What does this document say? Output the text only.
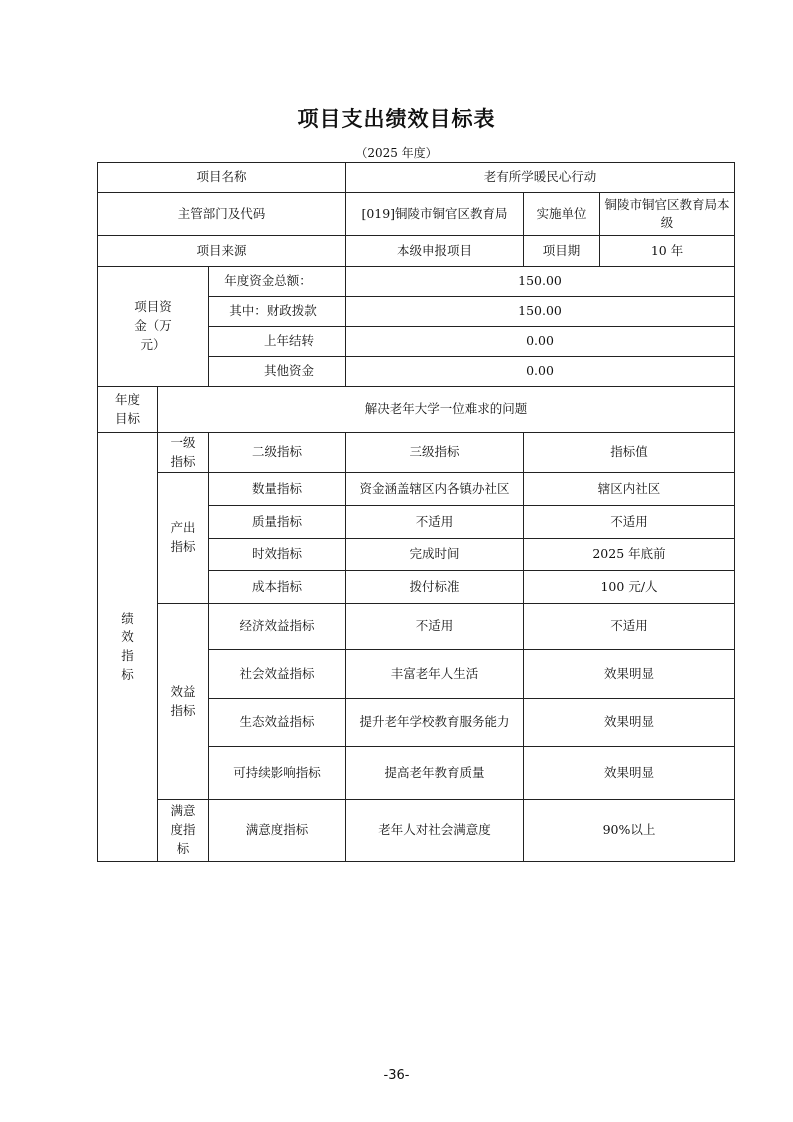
项目支出绩效目标表
（2025 年度）
项目名称			老有所学暖民心行动		
主管部门及代码			[019]铜陵市铜官区教育局	实施单位	铜陵市铜官区教育局本级
项目来源			本级申报项目	项目期	10 年
项目资金（万元）		年度资金总额：	150.00		
		其中：财政拨款	150.00		
		上年结转	0.00		
		其他资金	0.00		
年度目标	解决老年大学一位难求的问题				
绩效指标	一级指标	二级指标	三级指标	指标值	
	产出指标	数量指标	资金涵盖辖区内各镇办社区	辖区内社区	
		质量指标	不适用	不适用	
		时效指标	完成时间	2025 年底前	
		成本指标	拨付标准	100 元/人	
	效益指标	经济效益指标	不适用	不适用	
		社会效益指标	丰富老年人生活	效果明显	
		生态效益指标	提升老年学校教育服务能力	效果明显	
		可持续影响指标	提高老年教育质量	效果明显	
	满意度指标	满意度指标	老年人对社会满意度	90%以上	
-36-
